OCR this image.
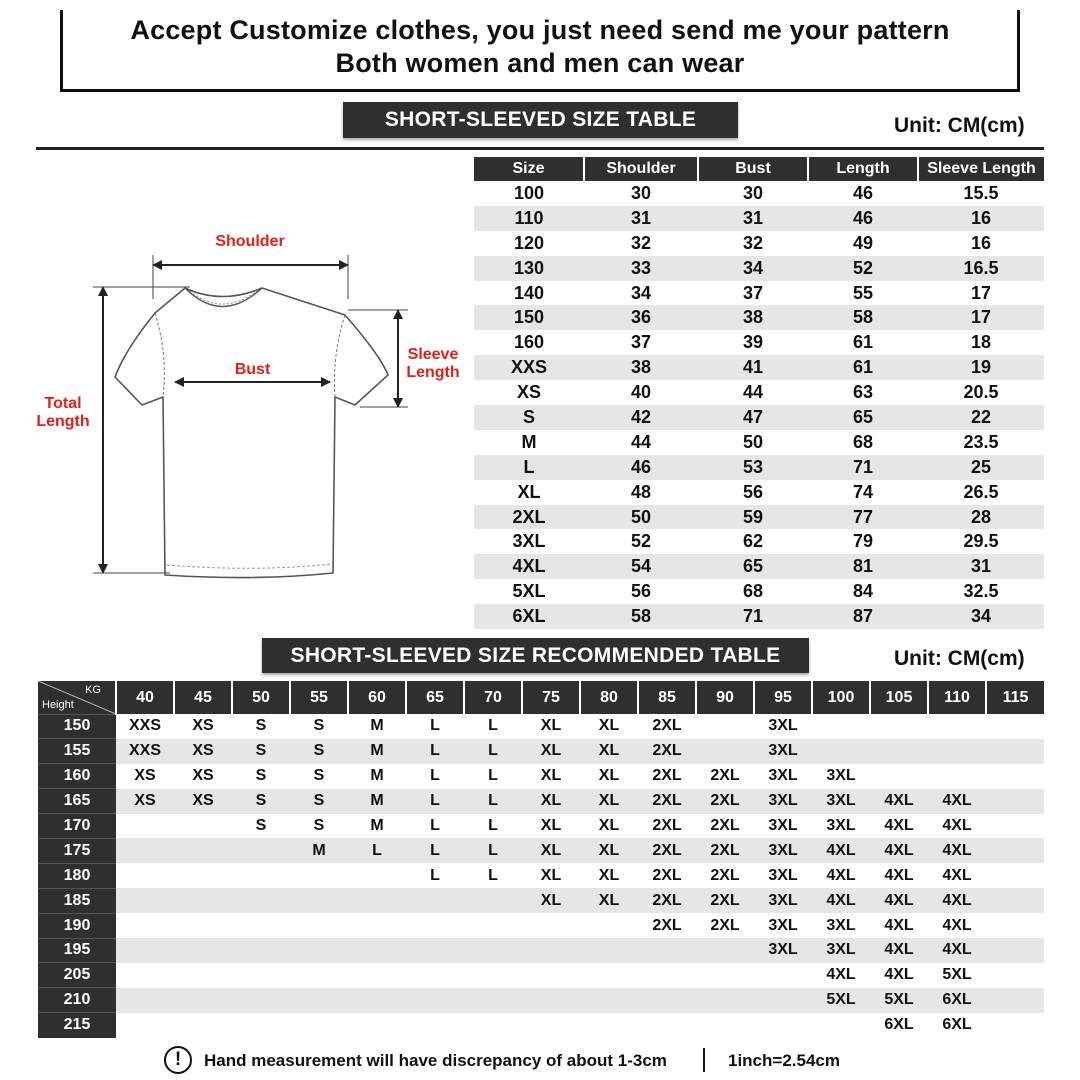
Accept Customize clothes, you just need send me your pattern
Both women and men can wear
SHORT-SLEEVED SIZE TABLE	Unit: CM(cm)
Shoulder
Bust
Sleeve
Length
Total
Length
Size	Shoulder	Bust	Length	Sleeve Length
100	30	30	46	15.5
110	31	31	46	16
120	32	32	49	16
130	33	34	52	16.5
140	34	37	55	17
150	36	38	58	17
160	37	39	61	18
XXS	38	41	61	19
XS	40	44	63	20.5
S	42	47	65	22
M	44	50	68	23.5
L	46	53	71	25
XL	48	56	74	26.5
2XL	50	59	77	28
3XL	52	62	79	29.5
4XL	54	65	81	31
5XL	56	68	84	32.5
6XL	58	71	87	34
SHORT-SLEEVED SIZE RECOMMENDED TABLE	Unit: CM(cm)
KG
Height	40	45	50	55	60	65	70	75	80	85	90	95	100	105	110	115
150	XXS	XS	S	S	M	L	L	XL	XL	2XL		3XL				
155	XXS	XS	S	S	M	L	L	XL	XL	2XL		3XL				
160	XS	XS	S	S	M	L	L	XL	XL	2XL	2XL	3XL	3XL			
165	XS	XS	S	S	M	L	L	XL	XL	2XL	2XL	3XL	3XL	4XL	4XL	
170			S	S	M	L	L	XL	XL	2XL	2XL	3XL	3XL	4XL	4XL	
175				M	L	L	L	XL	XL	2XL	2XL	3XL	4XL	4XL	4XL	
180						L	L	XL	XL	2XL	2XL	3XL	4XL	4XL	4XL	
185								XL	XL	2XL	2XL	3XL	4XL	4XL	4XL	
190										2XL	2XL	3XL	3XL	4XL	4XL	
195												3XL	3XL	4XL	4XL	
205													4XL	4XL	5XL	
210													5XL	5XL	6XL	
215														6XL	6XL	
!	Hand measurement will have discrepancy of about 1-3cm	1inch=2.54cm
